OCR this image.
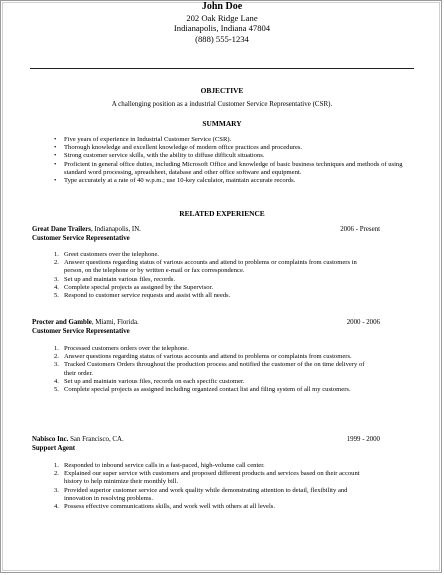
John Doe
202 Oak Ridge Lane
Indianapolis, Indiana 47804
(888) 555-1234
OBJECTIVE
A challenging position as a industrial Customer Service Representative (CSR).
SUMMARY
• Five years of experience in Industrial Customer Service (CSR).
• Thorough knowledge and excellent knowledge of modern office practices and procedures.
• Strong customer service skills, with the ability to diffuse difficult situations.
• Proficient in general office duties, including Microsoft Office and knowledge of basic business techniques and methods of using standard word processing, spreadsheet, database and other office software and equipment.
• Type accurately at a rate of 40 w.p.m.; use 10-key calculator, maintain accurate records.
RELATED EXPERIENCE
Great Dane Trailers, Indianapolis, IN.	2006 - Present
Customer Service Representative
1. Greet customers over the telephone.
2. Answer questions regarding status of various accounts and attend to problems or complaints from customers in person, on the telephone or by written e-mail or fax correspondence.
3. Set up and maintain various files, records.
4. Complete special projects as assigned by the Supervisor.
5. Respond to customer service requests and assist with all needs.
Procter and Gamble, Miami, Florida.	2000 - 2006
Customer Service Representative
1. Processed customers orders over the telephone.
2. Answer questions regarding status of various accounts and attend to problems or complaints from customers.
3. Tracked Customers Orders throughout the production process and notified the customer of the on time delivery of their order.
4. Set up and maintain various files, records on each specific customer.
5. Complete special projects as assigned including organized contact list and filing system of all my customers.
Nabisco Inc. San Francisco, CA.	1999 - 2000
Support Agent
1. Responded to inbound service calls in a fast-paced, high-volume call center.
2. Explained our super service with customers and proposed different products and services based on their account history to help minimize their monthly bill.
3. Provided superior customer service and work quality while demonstrating attention to detail, flexibility and innovation in resolving problems.
4. Possess effective communications skills, and work well with others at all levels.
